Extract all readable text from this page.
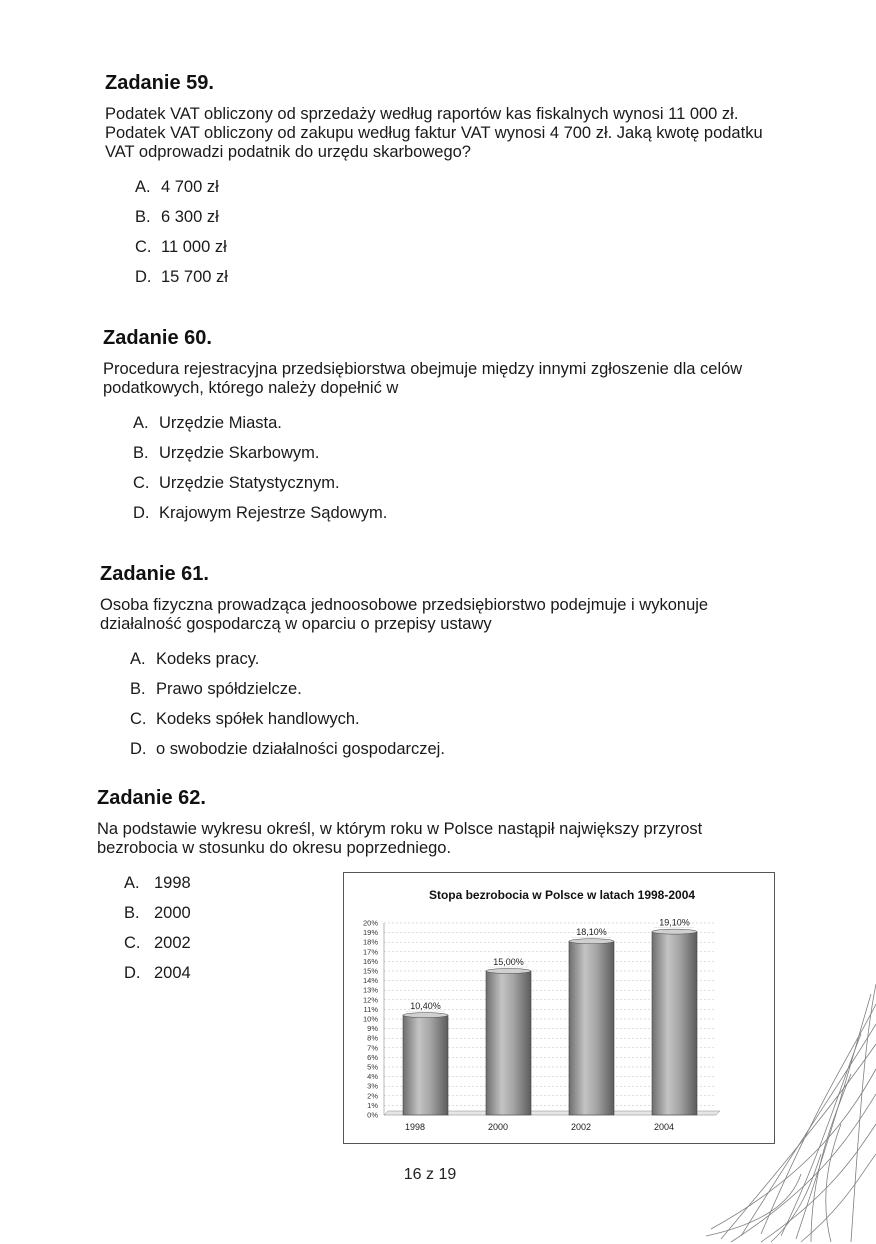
Zadanie 59.

Podatek VAT obliczony od sprzedaży według raportów kas fiskalnych wynosi 11 000 zł. Podatek VAT obliczony od zakupu według faktur VAT wynosi 4 700 zł. Jaką kwotę podatku VAT odprowadzi podatnik do urzędu skarbowego?

A. 4 700 zł
B. 6 300 zł
C. 11 000 zł
D. 15 700 zł
Zadanie 60.

Procedura rejestracyjna przedsiębiorstwa obejmuje między innymi zgłoszenie dla celów podatkowych, którego należy dopełnić w

A. Urzędzie Miasta.
B. Urzędzie Skarbowym.
C. Urzędzie Statystycznym.
D. Krajowym Rejestrze Sądowym.
Zadanie 61.

Osoba fizyczna prowadząca jednoosobowe przedsiębiorstwo podejmuje i wykonuje działalność gospodarczą w oparciu o przepisy ustawy

A. Kodeks pracy.
B. Prawo spółdzielcze.
C. Kodeks spółek handlowych.
D. o swobodzie działalności gospodarczej.
Zadanie 62.

Na podstawie wykresu określ, w którym roku w Polsce nastąpił największy przyrost bezrobocia w stosunku do okresu poprzedniego.

A. 1998
B. 2000
C. 2002
D. 2004
Stopa bezrobocia w Polsce w latach 1998-2004
0%
1%
2%
3%
4%
5%
6%
7%
8%
9%
10%
11%
12%
13%
14%
15%
16%
17%
18%
19%
20%
10,40%
15,00%
18,10%
19,10%
1998	2000	2002	2004
16 z 19
